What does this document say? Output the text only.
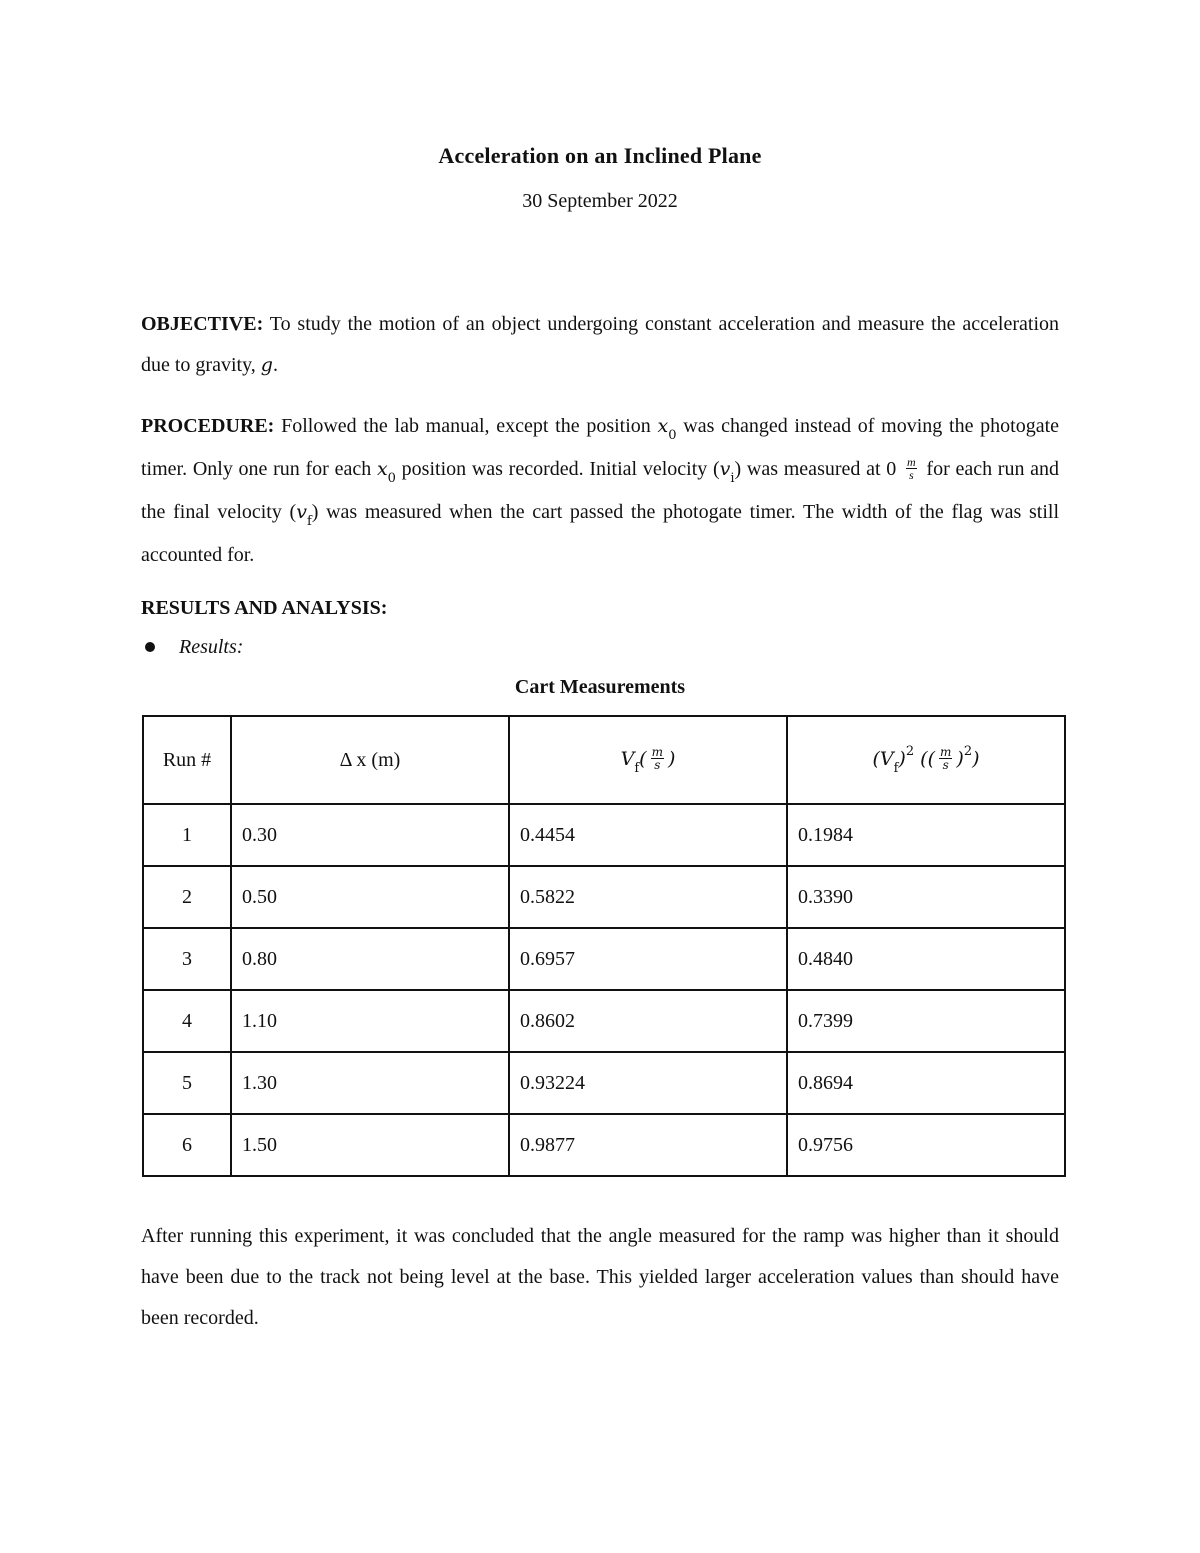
Acceleration on an Inclined Plane
30 September 2022

OBJECTIVE: To study the motion of an object undergoing constant acceleration and measure the acceleration due to gravity, g.

PROCEDURE: Followed the lab manual, except the position $x_0$ was changed instead of moving the photogate timer. Only one run for each $x_0$ position was recorded. Initial velocity $(v_i)$ was measured at $0 \frac{m}{s}$ for each run and the final velocity $(v_f)$ was measured when the cart passed the photogate timer. The width of the flag was still accounted for.

RESULTS AND ANALYSIS:
Results:
Cart Measurements
Run #	Δ x (m)	$V_f( \frac{m}{s}$ )	$(V_f)^2$ (( $\frac{m}{s} )^2$)
1	0.30	0.4454	0.1984
2	0.50	0.5822	0.3390
3	0.80	0.6957	0.4840
4	1.10	0.8602	0.7399
5	1.30	0.93224	0.8694
6	1.50	0.9877	0.9756

After running this experiment, it was concluded that the angle measured for the ramp was higher than it should have been due to the track not being level at the base. This yielded larger acceleration values than should have been recorded.
